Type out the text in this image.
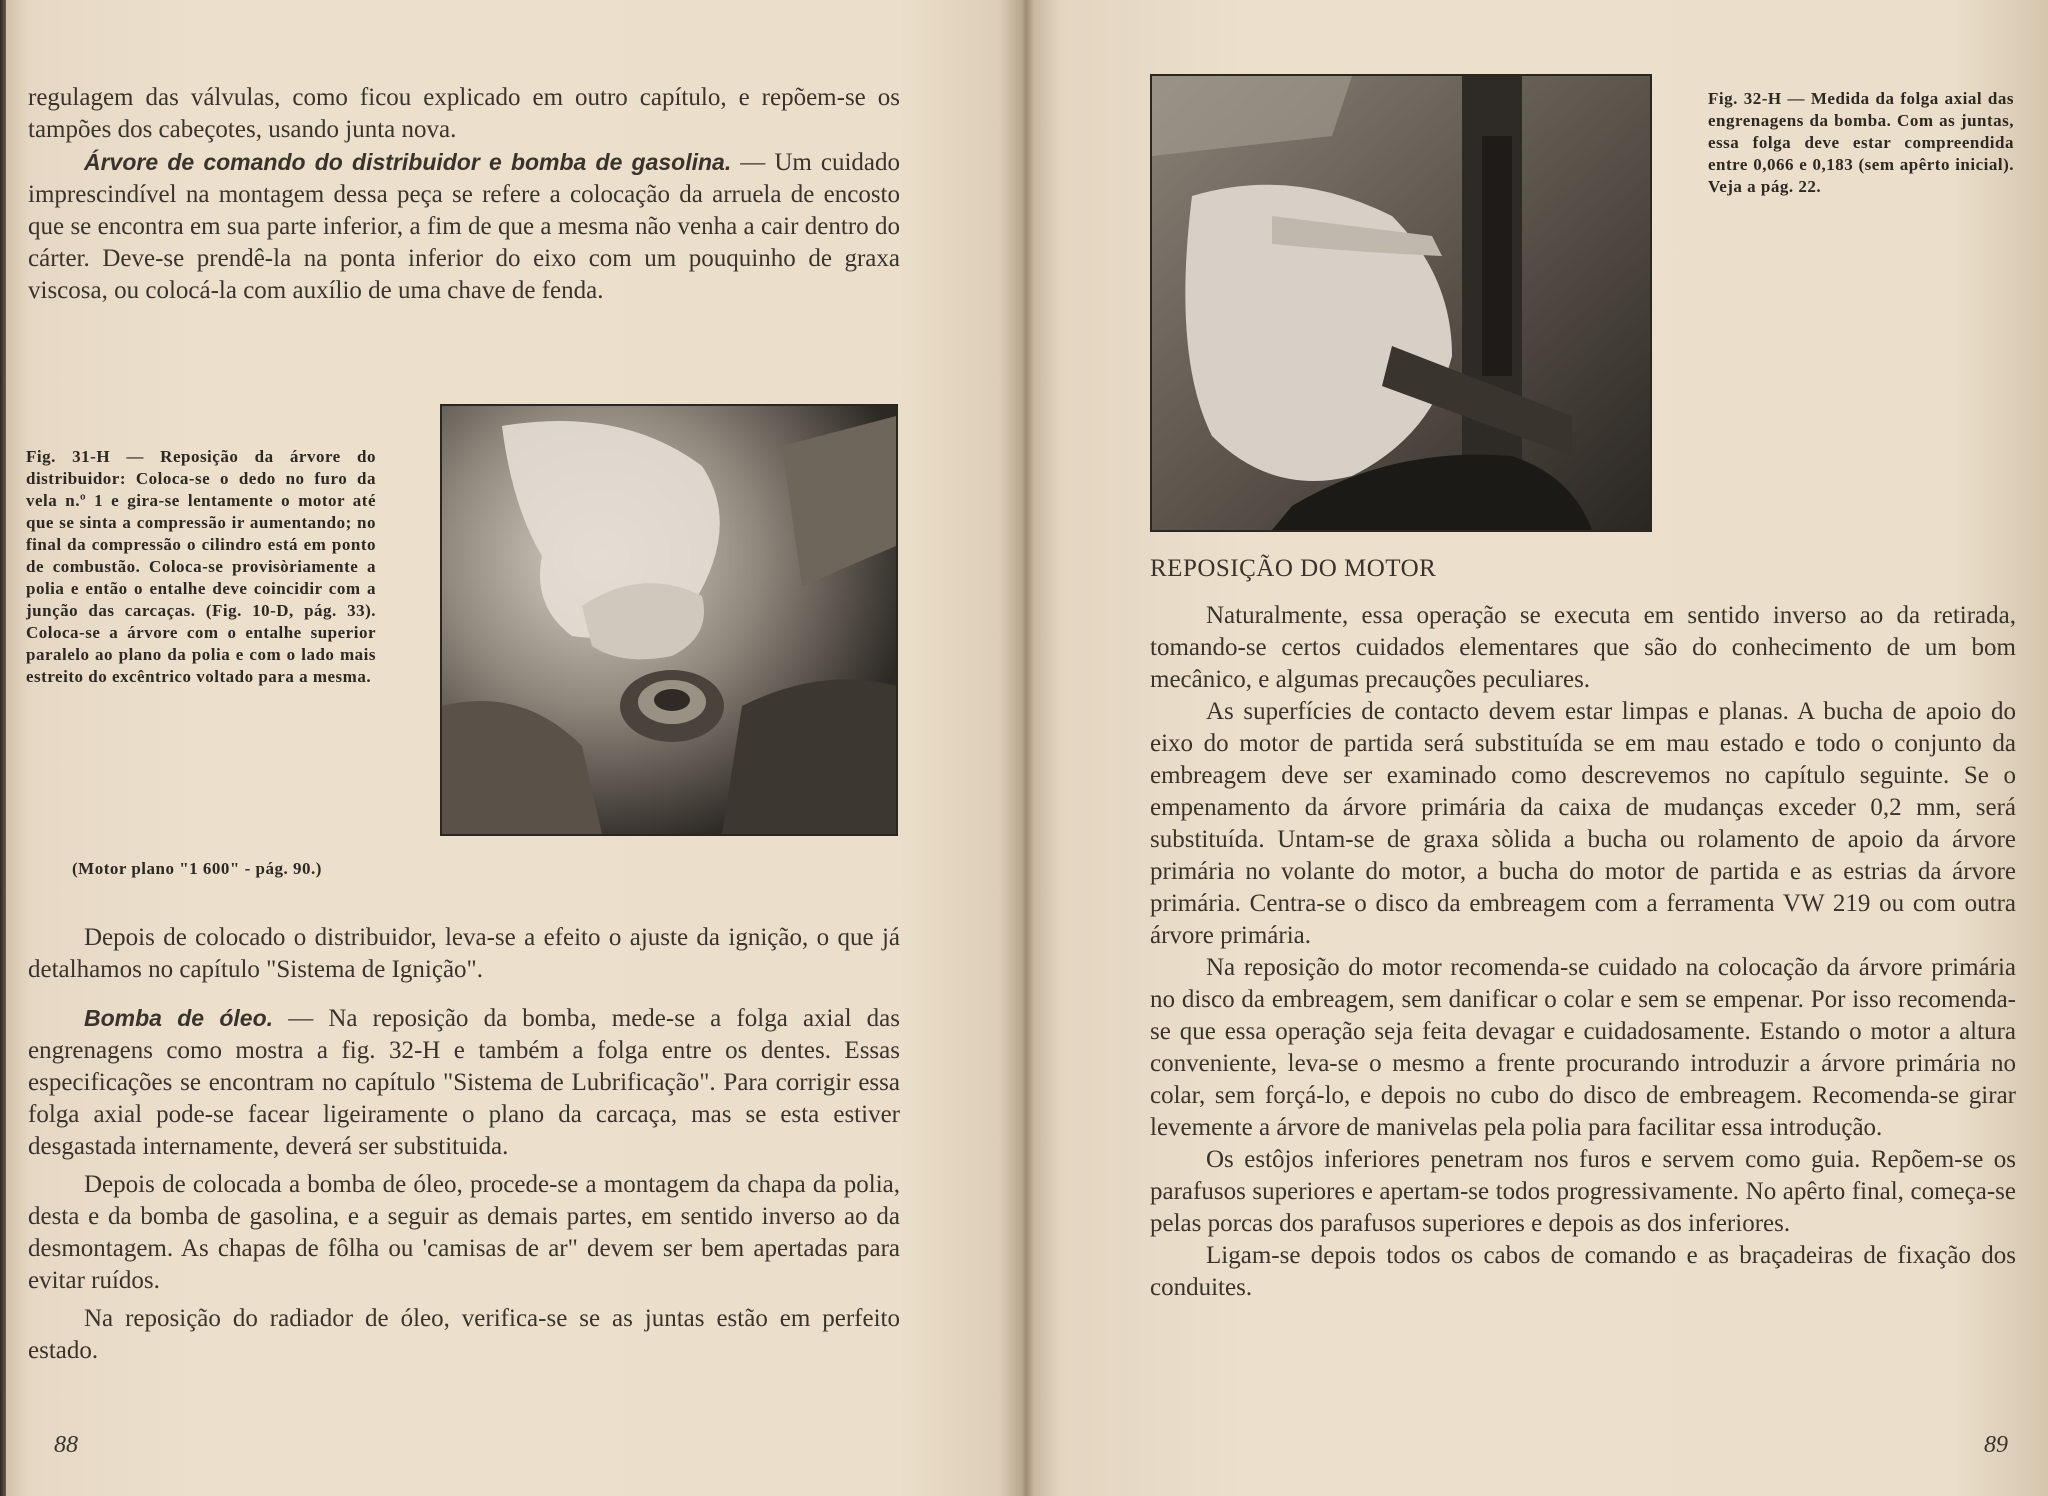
regulagem das válvulas, como ficou explicado em outro capítulo, e repõem-se os tampões dos cabeçotes, usando junta nova.

Árvore de comando do distribuidor e bomba de gasolina. — Um cuidado imprescindível na montagem dessa peça se refere a colocação da arruela de encosto que se encontra em sua parte inferior, a fim de que a mesma não venha a cair dentro do cárter. Deve-se prendê-la na ponta inferior do eixo com um pouquinho de graxa viscosa, ou colocá-la com auxílio de uma chave de fenda.

Fig. 31-H — Reposição da árvore do distribuidor: Coloca-se o dedo no furo da vela n.º 1 e gira-se lentamente o motor até que se sinta a compressão ir aumentando; no final da compressão o cilindro está em ponto de combustão. Coloca-se provisòriamente a polia e então o entalhe deve coincidir com a junção das carcaças. (Fig. 10-D, pág. 33). Coloca-se a árvore com o entalhe superior paralelo ao plano da polia e com o lado mais estreito do excêntrico voltado para a mesma.
(Motor plano "1 600" - pág. 90.)

Depois de colocado o distribuidor, leva-se a efeito o ajuste da ignição, o que já detalhamos no capítulo "Sistema de Ignição".

Bomba de óleo. — Na reposição da bomba, mede-se a folga axial das engrenagens como mostra a fig. 32-H e também a folga entre os dentes. Essas especificações se encontram no capítulo "Sistema de Lubrificação". Para corrigir essa folga axial pode-se facear ligeiramente o plano da carcaça, mas se esta estiver desgastada internamente, deverá ser substituida.

Depois de colocada a bomba de óleo, procede-se a montagem da chapa da polia, desta e da bomba de gasolina, e a seguir as demais partes, em sentido inverso ao da desmontagem. As chapas de fôlha ou 'camisas de ar" devem ser bem apertadas para evitar ruídos.

Na reposição do radiador de óleo, verifica-se se as juntas estão em perfeito estado.

88
Fig. 32-H — Medida da folga axial das engrenagens da bomba. Com as juntas, essa folga deve estar compreendida entre 0,066 e 0,183 (sem apêrto inicial). Veja a pág. 22.
REPOSIÇÃO DO MOTOR

Naturalmente, essa operação se executa em sentido inverso ao da retirada, tomando-se certos cuidados elementares que são do conhecimento de um bom mecânico, e algumas precauções peculiares.

As superfícies de contacto devem estar limpas e planas. A bucha de apoio do eixo do motor de partida será substituída se em mau estado e todo o conjunto da embreagem deve ser examinado como descrevemos no capítulo seguinte. Se o empenamento da árvore primária da caixa de mudanças exceder 0,2 mm, será substituída. Untam-se de graxa sòlida a bucha ou rolamento de apoio da árvore primária no volante do motor, a bucha do motor de partida e as estrias da árvore primária. Centra-se o disco da embreagem com a ferramenta VW 219 ou com outra árvore primária.

Na reposição do motor recomenda-se cuidado na colocação da árvore primária no disco da embreagem, sem danificar o colar e sem se empenar. Por isso recomenda-se que essa operação seja feita devagar e cuidadosamente. Estando o motor a altura conveniente, leva-se o mesmo a frente procurando introduzir a árvore primária no colar, sem forçá-lo, e depois no cubo do disco de embreagem. Recomenda-se girar levemente a árvore de manivelas pela polia para facilitar essa introdução.

Os estôjos inferiores penetram nos furos e servem como guia. Repõem-se os parafusos superiores e apertam-se todos progressivamente. No apêrto final, começa-se pelas porcas dos parafusos superiores e depois as dos inferiores.

Ligam-se depois todos os cabos de comando e as braçadeiras de fixação dos conduites.

89
